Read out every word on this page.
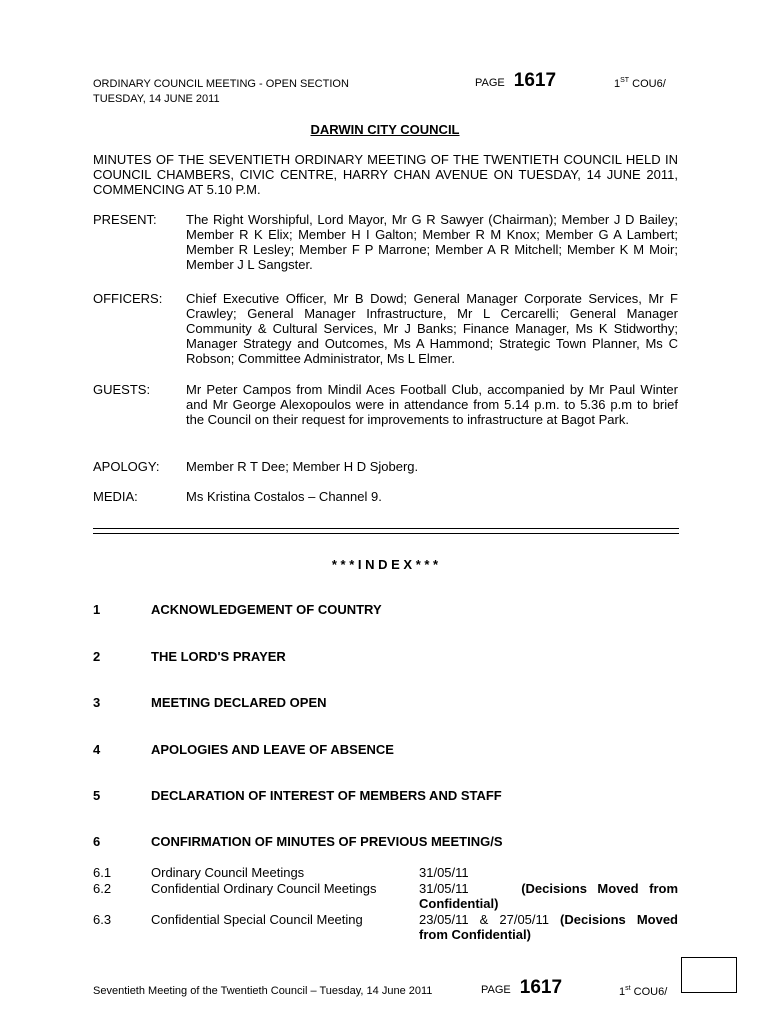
ORDINARY COUNCIL MEETING - OPEN SECTION
TUESDAY, 14 JUNE 2011
PAGE 1617	1ST COU6/
DARWIN CITY COUNCIL
MINUTES OF THE SEVENTIETH ORDINARY MEETING OF THE TWENTIETH COUNCIL HELD IN COUNCIL CHAMBERS, CIVIC CENTRE, HARRY CHAN AVENUE ON TUESDAY, 14 JUNE 2011, COMMENCING AT 5.10 P.M.
PRESENT:	The Right Worshipful, Lord Mayor, Mr G R Sawyer (Chairman); Member J D Bailey; Member R K Elix; Member H I Galton; Member R M Knox; Member G A Lambert; Member R Lesley; Member F P Marrone; Member A R Mitchell; Member K M Moir; Member J L Sangster.
OFFICERS:	Chief Executive Officer, Mr B Dowd; General Manager Corporate Services, Mr F Crawley; General Manager Infrastructure, Mr L Cercarelli; General Manager Community & Cultural Services, Mr J Banks; Finance Manager, Ms K Stidworthy; Manager Strategy and Outcomes, Ms A Hammond; Strategic Town Planner, Ms C Robson; Committee Administrator, Ms L Elmer.
GUESTS:	Mr Peter Campos from Mindil Aces Football Club, accompanied by Mr Paul Winter and Mr George Alexopoulos were in attendance from 5.14 p.m. to 5.36 p.m to brief the Council on their request for improvements to infrastructure at Bagot Park.
APOLOGY:	Member R T Dee; Member H D Sjoberg.
MEDIA:	Ms Kristina Costalos – Channel 9.
* * * I N D E X * * *
1	ACKNOWLEDGEMENT OF COUNTRY
2	THE LORD'S PRAYER
3	MEETING DECLARED OPEN
4	APOLOGIES AND LEAVE OF ABSENCE
5	DECLARATION OF INTEREST OF MEMBERS AND STAFF
6	CONFIRMATION OF MINUTES OF PREVIOUS MEETING/S
6.1	Ordinary Council Meetings	31/05/11
6.2	Confidential Ordinary Council Meetings	31/05/11	(Decisions Moved from Confidential)
6.3	Confidential Special Council Meeting	23/05/11 & 27/05/11 (Decisions Moved from Confidential)
Seventieth Meeting of the Twentieth Council – Tuesday, 14 June 2011	PAGE 1617	1st COU6/
